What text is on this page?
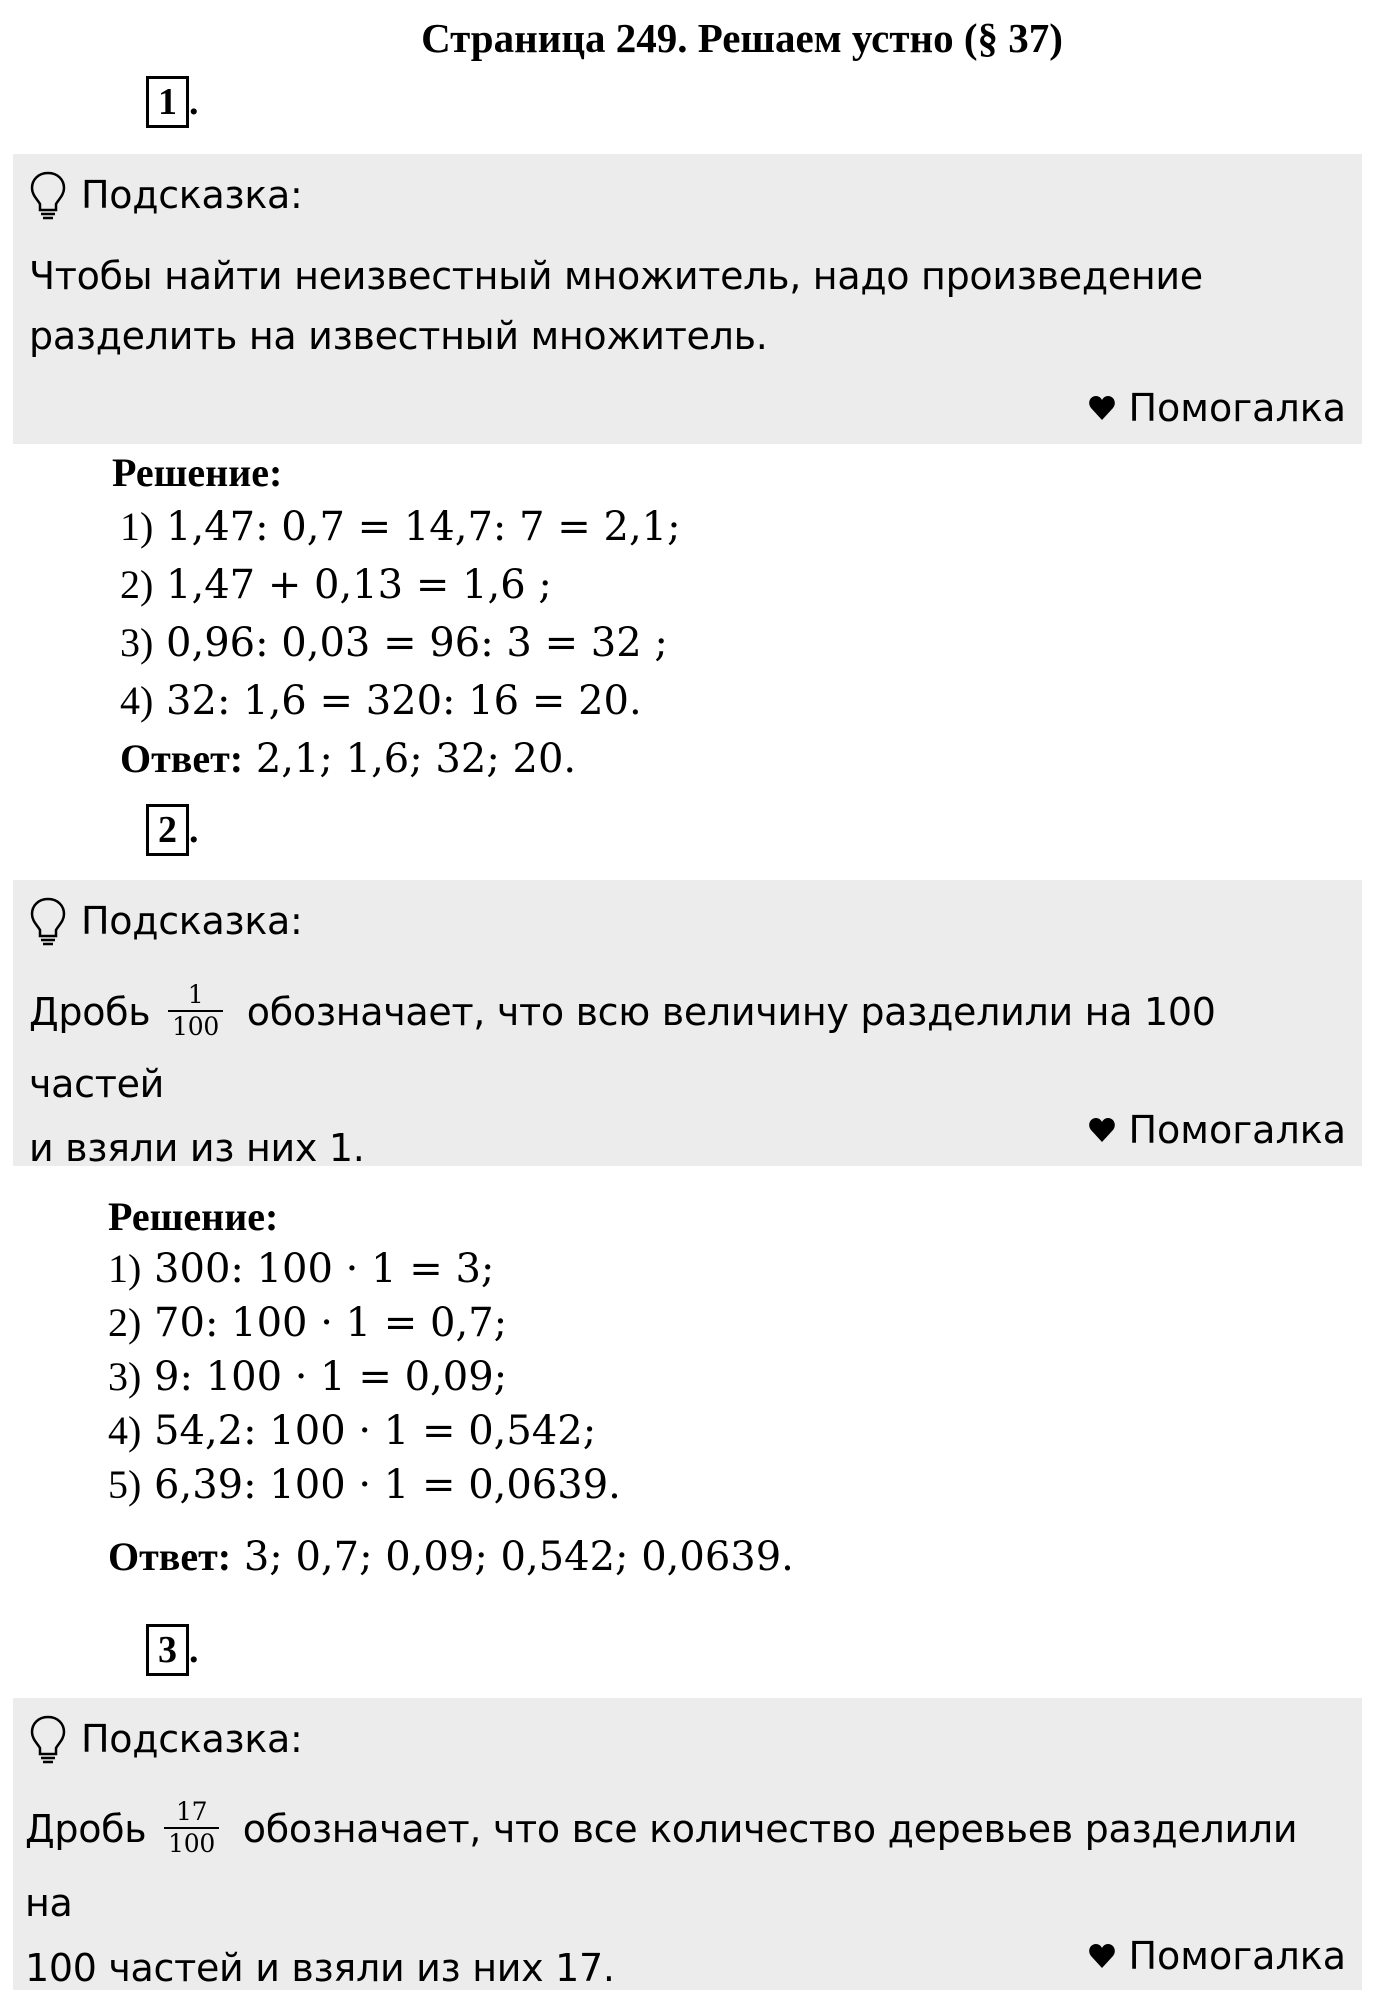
Страница 249. Решаем устно (§ 37)
1 .
Подсказка:
Чтобы найти неизвестный множитель, надо произведение
разделить на известный множитель.
Помогалка
Решение:
1) 1,47: 0,7 = 14,7: 7 = 2,1;
2) 1,47 + 0,13 = 1,6 ;
3) 0,96: 0,03 = 96: 3 = 32 ;
4) 32: 1,6 = 320: 16 = 20.
Ответ: 2,1; 1,6; 32; 20.
2 .
Подсказка:
Дробь $\frac{1}{100}$ обозначает, что всю величину разделили на 100 частей
и взяли из них 1.	Помогалка
Решение:
1) 300: 100 · 1 = 3;
2) 70: 100 · 1 = 0,7;
3) 9: 100 · 1 = 0,09;
4) 54,2: 100 · 1 = 0,542;
5) 6,39: 100 · 1 = 0,0639.
Ответ: 3; 0,7; 0,09; 0,542; 0,0639.
3 .
Подсказка:
Дробь $\frac{17}{100}$ обозначает, что все количество деревьев разделили на
100 частей и взяли из них 17.	Помогалка
